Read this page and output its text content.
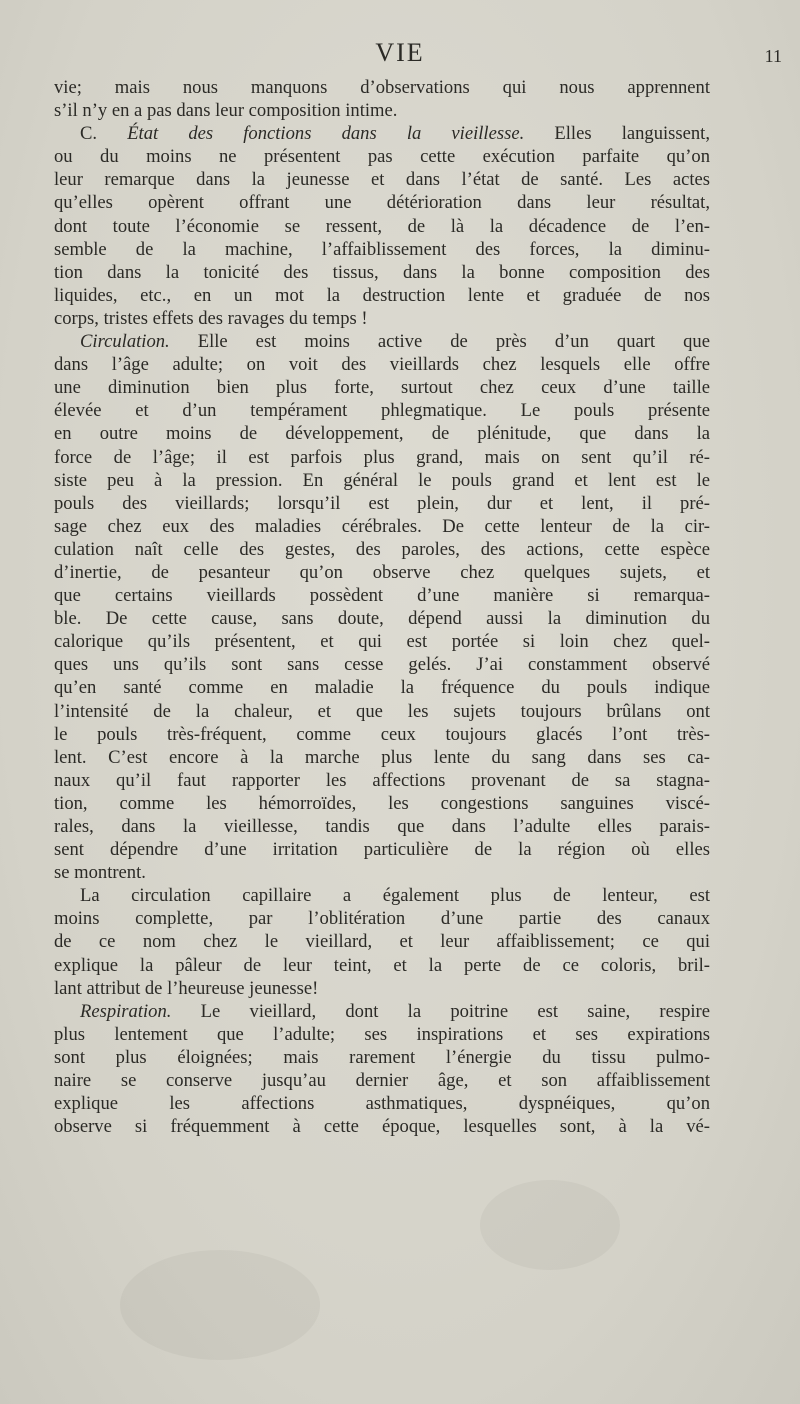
VIE	11
vie; mais nous manquons d’observations qui nous apprennent
s’il n’y en a pas dans leur composition intime.
C. État des fonctions dans la vieillesse. Elles languissent,
ou du moins ne présentent pas cette exécution parfaite qu’on
leur remarque dans la jeunesse et dans l’état de santé. Les actes
qu’elles opèrent offrant une détérioration dans leur résultat,
dont toute l’économie se ressent, de là la décadence de l’en-
semble de la machine, l’affaiblissement des forces, la diminu-
tion dans la tonicité des tissus, dans la bonne composition des
liquides, etc., en un mot la destruction lente et graduée de nos
corps, tristes effets des ravages du temps !
Circulation. Elle est moins active de près d’un quart que
dans l’âge adulte; on voit des vieillards chez lesquels elle offre
une diminution bien plus forte, surtout chez ceux d’une taille
élevée et d’un tempérament phlegmatique. Le pouls présente
en outre moins de développement, de plénitude, que dans la
force de l’âge; il est parfois plus grand, mais on sent qu’il ré-
siste peu à la pression. En général le pouls grand et lent est le
pouls des vieillards; lorsqu’il est plein, dur et lent, il pré-
sage chez eux des maladies cérébrales. De cette lenteur de la cir-
culation naît celle des gestes, des paroles, des actions, cette espèce
d’inertie, de pesanteur qu’on observe chez quelques sujets, et
que certains vieillards possèdent d’une manière si remarqua-
ble. De cette cause, sans doute, dépend aussi la diminution du
calorique qu’ils présentent, et qui est portée si loin chez quel-
ques uns qu’ils sont sans cesse gelés. J’ai constamment observé
qu’en santé comme en maladie la fréquence du pouls indique
l’intensité de la chaleur, et que les sujets toujours brûlans ont
le pouls très-fréquent, comme ceux toujours glacés l’ont très-
lent. C’est encore à la marche plus lente du sang dans ses ca-
naux qu’il faut rapporter les affections provenant de sa stagna-
tion, comme les hémorroïdes, les congestions sanguines viscé-
rales, dans la vieillesse, tandis que dans l’adulte elles parais-
sent dépendre d’une irritation particulière de la région où elles
se montrent.
La circulation capillaire a également plus de lenteur, est
moins complette, par l’oblitération d’une partie des canaux
de ce nom chez le vieillard, et leur affaiblissement; ce qui
explique la pâleur de leur teint, et la perte de ce coloris, bril-
lant attribut de l’heureuse jeunesse!
Respiration. Le vieillard, dont la poitrine est saine, respire
plus lentement que l’adulte; ses inspirations et ses expirations
sont plus éloignées; mais rarement l’énergie du tissu pulmo-
naire se conserve jusqu’au dernier âge, et son affaiblissement
explique les affections asthmatiques, dyspnéiques, qu’on
observe si fréquemment à cette époque, lesquelles sont, à la vé-
